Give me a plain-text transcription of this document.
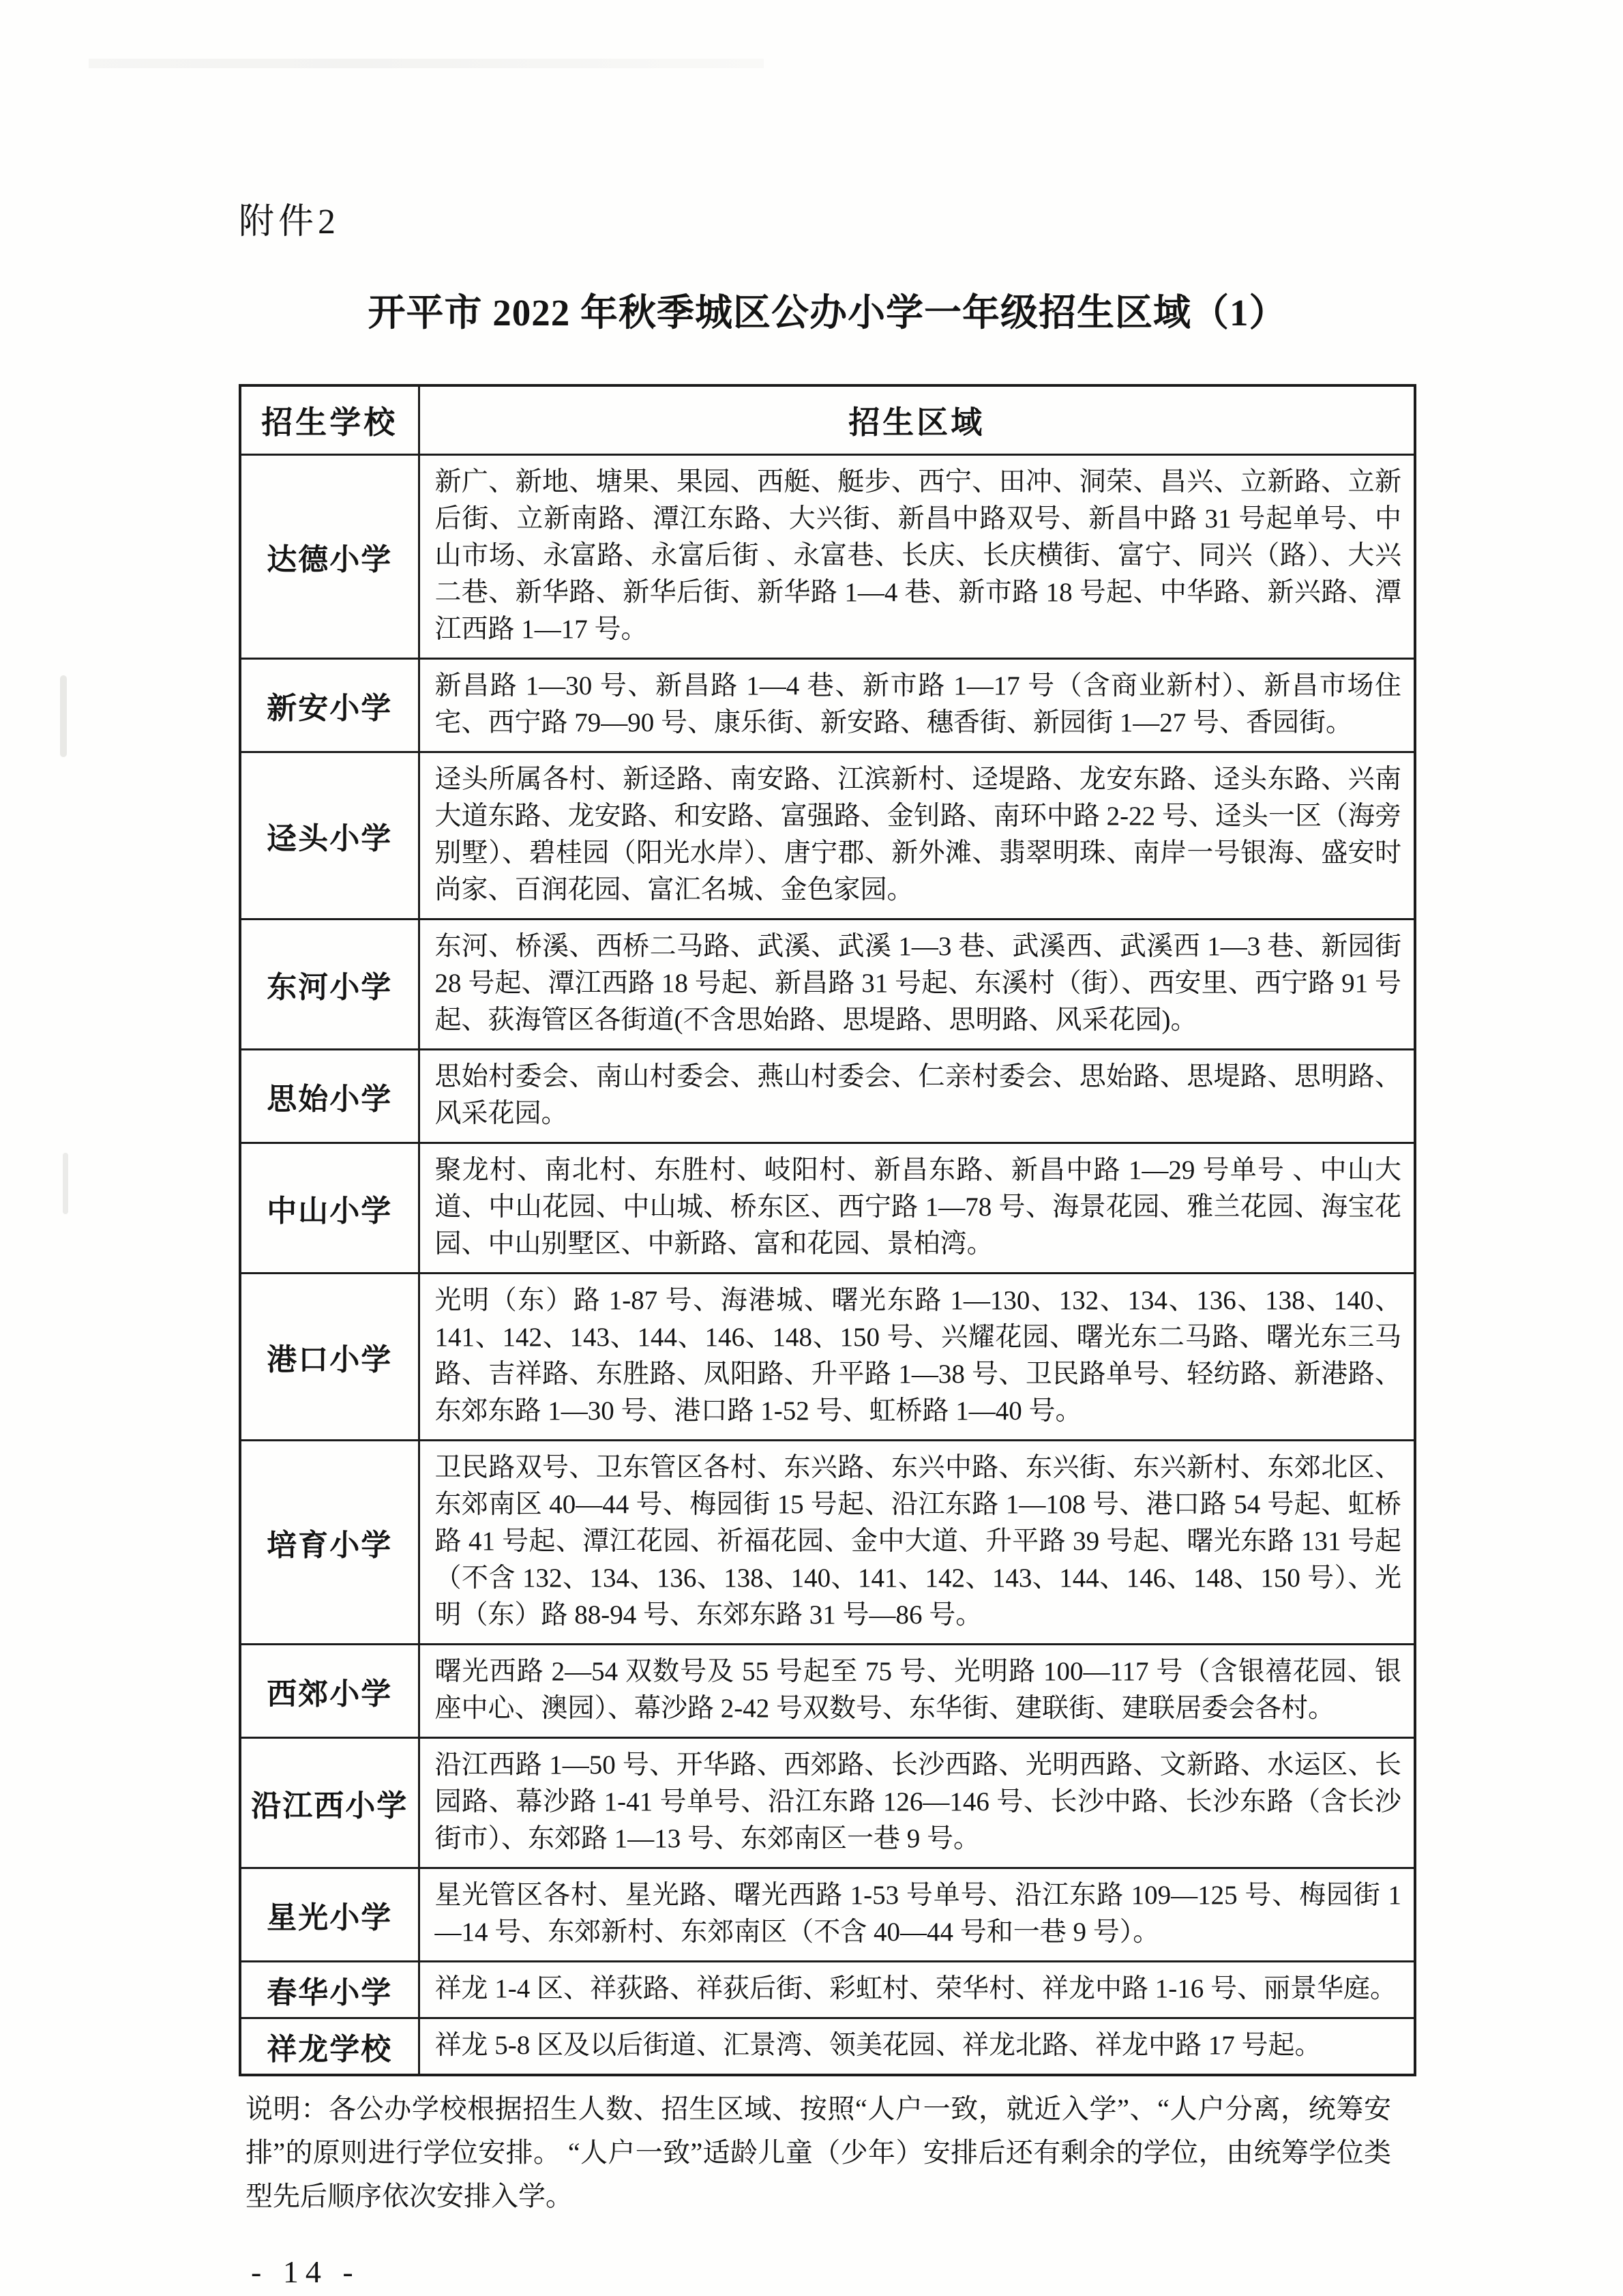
附件2
开平市 2022 年秋季城区公办小学一年级招生区域（1）
招生学校	招生区域
达德小学	新广、新地、塘果、果园、西艇、艇步、西宁、田冲、洞荣、昌兴、立新路、立新后街、立新南路、潭江东路、大兴街、新昌中路双号、新昌中路 31 号起单号、中山市场、永富路、永富后街 、永富巷、长庆、长庆横街、富宁、同兴（路）、大兴二巷、新华路、新华后街、新华路 1—4 巷、新市路 18 号起、中华路、新兴路、潭江西路 1—17 号。
新安小学	新昌路 1—30 号、新昌路 1—4 巷、新市路 1—17 号（含商业新村）、新昌市场住宅、西宁路 79—90 号、康乐街、新安路、穗香街、新园街 1—27 号、香园街。
迳头小学	迳头所属各村、新迳路、南安路、江滨新村、迳堤路、龙安东路、迳头东路、兴南大道东路、龙安路、和安路、富强路、金钊路、南环中路 2-22 号、迳头一区（海旁别墅）、碧桂园（阳光水岸）、唐宁郡、新外滩、翡翠明珠、南岸一号银海、盛安时尚家、百润花园、富汇名城、金色家园。
东河小学	东河、桥溪、西桥二马路、武溪、武溪 1—3 巷、武溪西、武溪西 1—3 巷、新园街 28 号起、潭江西路 18 号起、新昌路 31 号起、东溪村（街）、西安里、西宁路 91 号起、荻海管区各街道(不含思始路、思堤路、思明路、风采花园)。
思始小学	思始村委会、南山村委会、燕山村委会、仁亲村委会、思始路、思堤路、思明路、风采花园。
中山小学	聚龙村、南北村、东胜村、岐阳村、新昌东路、新昌中路 1—29 号单号 、中山大道、中山花园、中山城、桥东区、西宁路 1—78 号、海景花园、雅兰花园、海宝花园、中山别墅区、中新路、富和花园、景柏湾。
港口小学	光明（东）路 1-87 号、海港城、曙光东路 1—130、132、134、136、138、140、141、142、143、144、146、148、150 号、兴耀花园、曙光东二马路、曙光东三马路、吉祥路、东胜路、凤阳路、升平路 1—38 号、卫民路单号、轻纺路、新港路、东郊东路 1—30 号、港口路 1-52 号、虹桥路 1—40 号。
培育小学	卫民路双号、卫东管区各村、东兴路、东兴中路、东兴街、东兴新村、东郊北区、东郊南区 40—44 号、梅园街 15 号起、沿江东路 1—108 号、港口路 54 号起、虹桥路 41 号起、潭江花园、祈福花园、金中大道、升平路 39 号起、曙光东路 131 号起（不含 132、134、136、138、140、141、142、143、144、146、148、150 号）、光明（东）路 88-94 号、东郊东路 31 号—86 号。
西郊小学	曙光西路 2—54 双数号及 55 号起至 75 号、光明路 100—117 号（含银禧花园、银座中心、澳园）、幕沙路 2-42 号双数号、东华街、建联街、建联居委会各村。
沿江西小学	沿江西路 1—50 号、开华路、西郊路、长沙西路、光明西路、文新路、水运区、长园路、幕沙路 1-41 号单号、沿江东路 126—146 号、长沙中路、长沙东路（含长沙街市）、东郊路 1—13 号、东郊南区一巷 9 号。
星光小学	星光管区各村、星光路、曙光西路 1-53 号单号、沿江东路 109—125 号、梅园街 1—14 号、东郊新村、东郊南区（不含 40—44 号和一巷 9 号）。
春华小学	祥龙 1-4 区、祥荻路、祥荻后街、彩虹村、荣华村、祥龙中路 1-16 号、丽景华庭。
祥龙学校	祥龙 5-8 区及以后街道、汇景湾、领美花园、祥龙北路、祥龙中路 17 号起。

说明：各公办学校根据招生人数、招生区域、按照“人户一致，就近入学”、“人户分离，统筹安排”的原则进行学位安排。 “人户一致”适龄儿童（少年）安排后还有剩余的学位，由统筹学位类型先后顺序依次安排入学。

- 14 -
